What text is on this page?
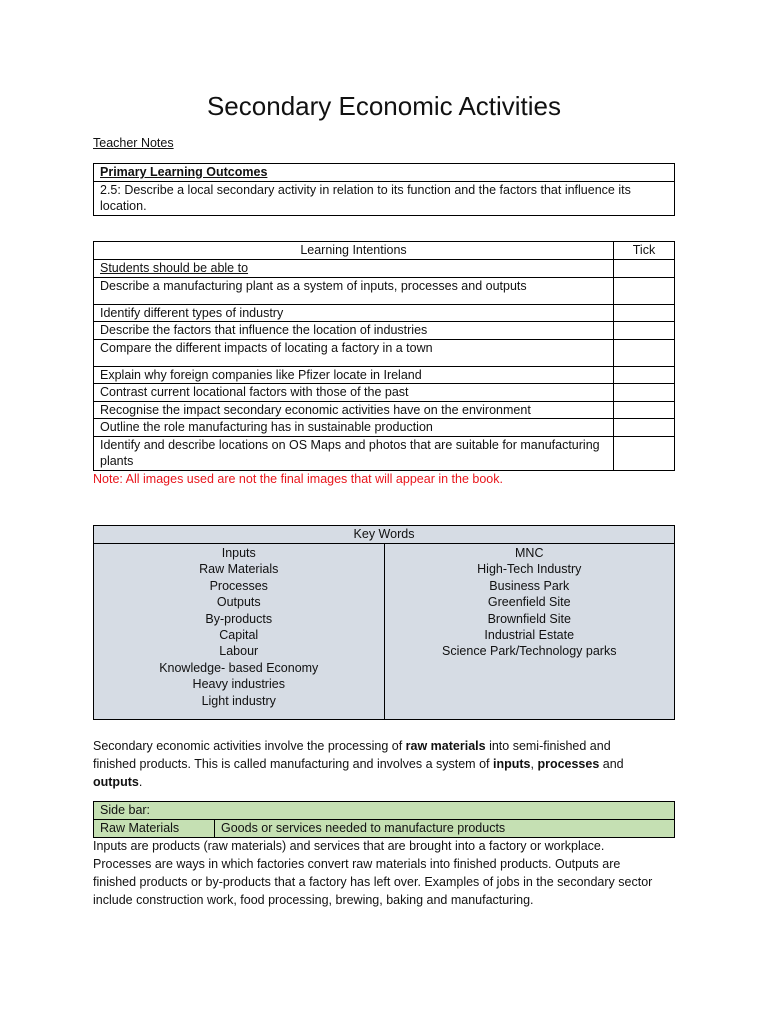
Secondary Economic Activities
Teacher Notes
Primary Learning Outcomes
2.5: Describe a local secondary activity in relation to its function and the factors that influence its location.
Learning Intentions	Tick
Students should be able to	
Describe a manufacturing plant as a system of inputs, processes and outputs	
Identify different types of industry	
Describe the factors that influence the location of industries	
Compare the different impacts of locating a factory in a town	
Explain why foreign companies like Pfizer locate in Ireland	
Contrast current locational factors with those of the past	
Recognise the impact secondary economic activities have on the environment	
Outline the role manufacturing has in sustainable production	
Identify and describe locations on OS Maps and photos that are suitable for manufacturing plants	
Note: All images used are not the final images that will appear in the book.
Key Words

Inputs
Raw Materials
Processes
Outputs
By-products
Capital
Labour
Knowledge- based Economy
Heavy industries
Light industry

MNC
High-Tech Industry
Business Park
Greenfield Site
Brownfield Site
Industrial Estate
Science Park/Technology parks
Secondary economic activities involve the processing of raw materials into semi-finished and finished products. This is called manufacturing and involves a system of inputs, processes and outputs.
Side bar:
Raw Materials	Goods or services needed to manufacture products
Inputs are products (raw materials) and services that are brought into a factory or workplace. Processes are ways in which factories convert raw materials into finished products. Outputs are finished products or by-products that a factory has left over. Examples of jobs in the secondary sector include construction work, food processing, brewing, baking and manufacturing.
